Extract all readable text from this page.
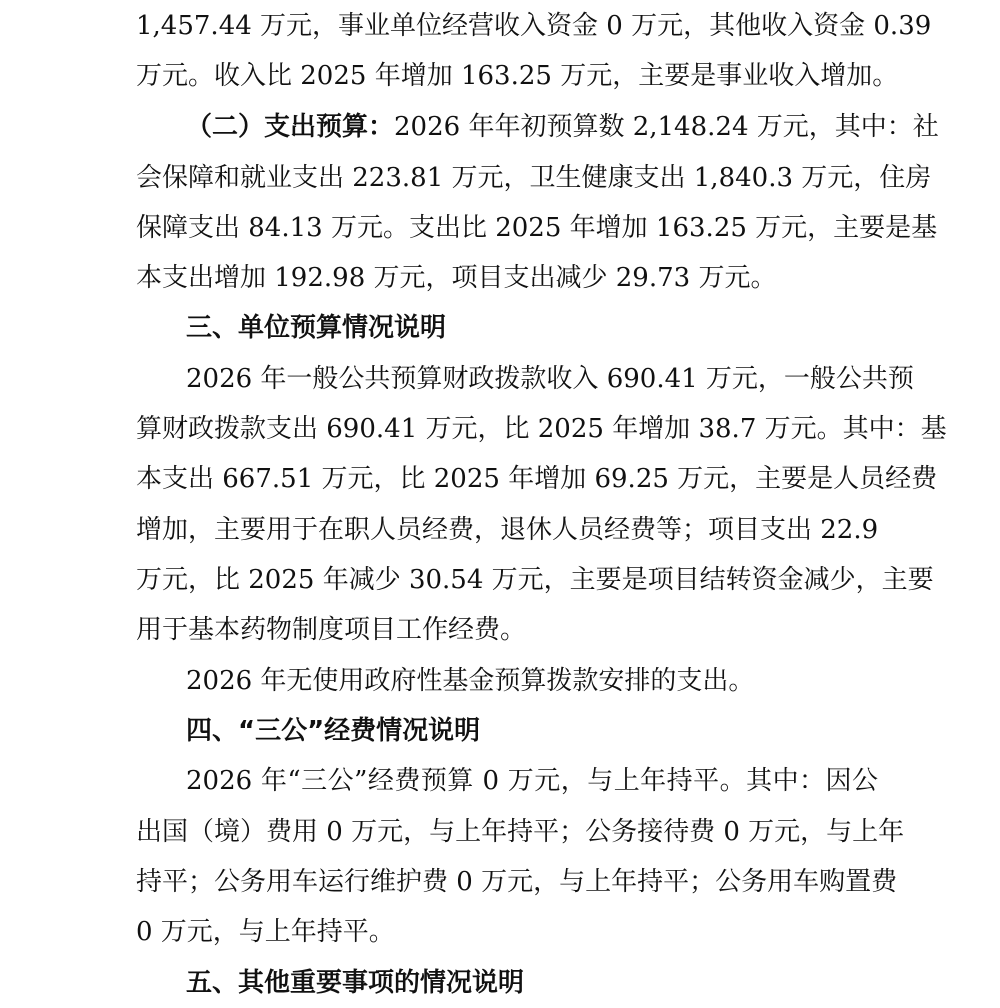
1,457.44 万元，事业单位经营收入资金 0 万元，其他收入资金 0.39
万元。收入比 2025 年增加 163.25 万元，主要是事业收入增加。
（二）支出预算：2026 年年初预算数 2,148.24 万元，其中：社
会保障和就业支出 223.81 万元，卫生健康支出 1,840.3 万元，住房
保障支出 84.13 万元。支出比 2025 年增加 163.25 万元，主要是基
本支出增加 192.98 万元，项目支出减少 29.73 万元。
三、单位预算情况说明
2026 年一般公共预算财政拨款收入 690.41 万元，一般公共预
算财政拨款支出 690.41 万元，比 2025 年增加 38.7 万元。其中：基
本支出 667.51 万元，比 2025 年增加 69.25 万元，主要是人员经费
增加，主要用于在职人员经费，退休人员经费等；项目支出 22.9
万元，比 2025 年减少 30.54 万元，主要是项目结转资金减少，主要
用于基本药物制度项目工作经费。
2026 年无使用政府性基金预算拨款安排的支出。
四、“三公”经费情况说明
2026 年“三公”经费预算 0 万元，与上年持平。其中：因公
出国（境）费用 0 万元，与上年持平；公务接待费 0 万元，与上年
持平；公务用车运行维护费 0 万元，与上年持平；公务用车购置费
0 万元，与上年持平。
五、其他重要事项的情况说明
